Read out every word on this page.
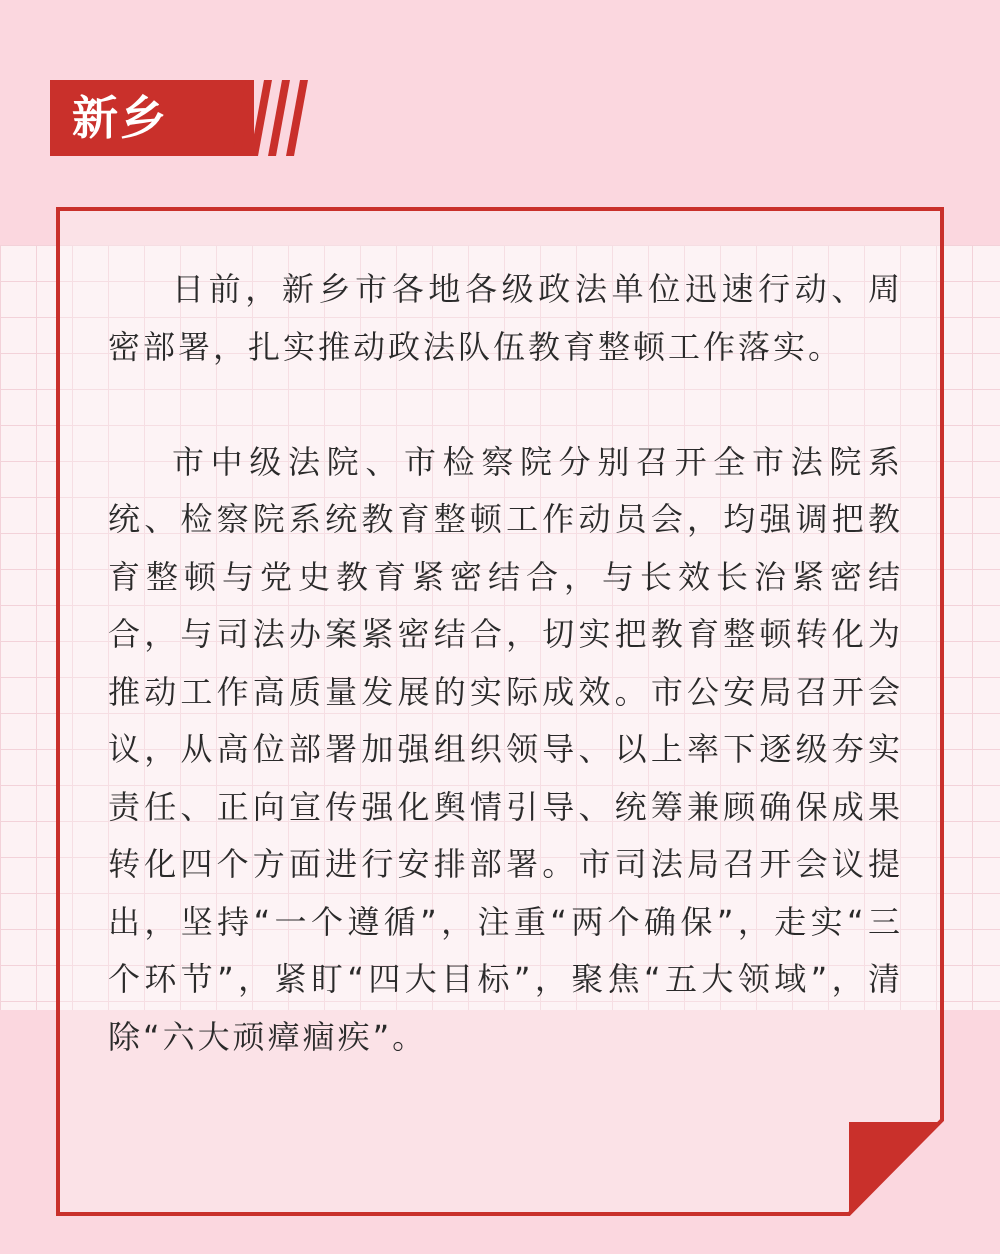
新乡

日前，新乡市各地各级政法单位迅速行动、周密部署，扎实推动政法队伍教育整顿工作落实。

市中级法院、市检察院分别召开全市法院系统、检察院系统教育整顿工作动员会，均强调把教育整顿与党史教育紧密结合，与长效长治紧密结合，与司法办案紧密结合，切实把教育整顿转化为推动工作高质量发展的实际成效。市公安局召开会议，从高位部署加强组织领导、以上率下逐级夯实责任、正向宣传强化舆情引导、统筹兼顾确保成果转化四个方面进行安排部署。市司法局召开会议提出，坚持“一个遵循”，注重“两个确保”，走实“三个环节”，紧盯“四大目标”，聚焦“五大领域”，清除“六大顽瘴痼疾”。
